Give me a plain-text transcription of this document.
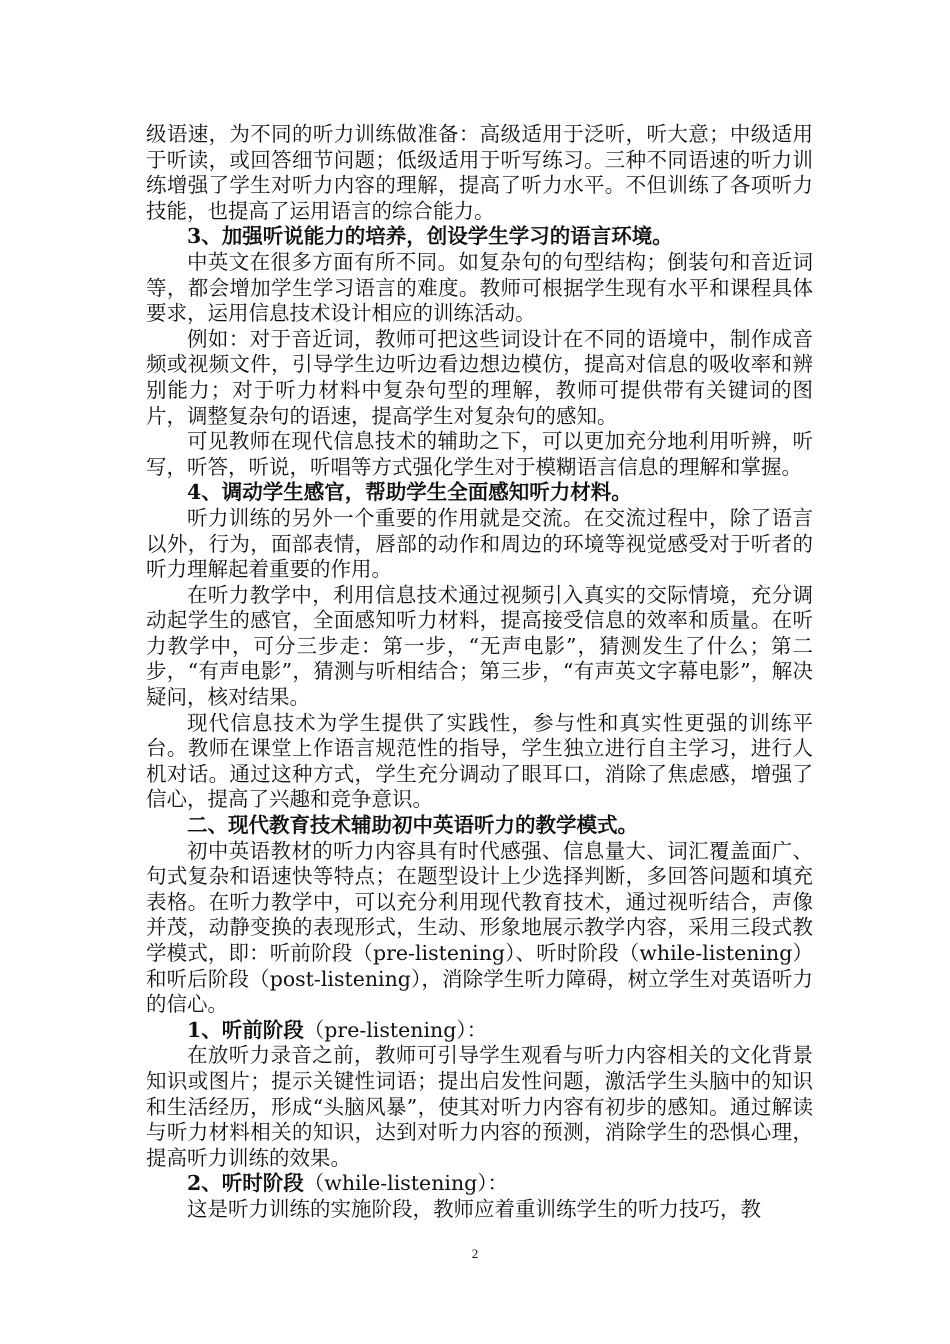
级语速，为不同的听力训练做准备：高级适用于泛听，听大意；中级适用于听读，或回答细节问题；低级适用于听写练习。三种不同语速的听力训练增强了学生对听力内容的理解，提高了听力水平。不但训练了各项听力技能，也提高了运用语言的综合能力。

3、加强听说能力的培养，创设学生学习的语言环境。

中英文在很多方面有所不同。如复杂句的句型结构；倒装句和音近词等，都会增加学生学习语言的难度。教师可根据学生现有水平和课程具体要求，运用信息技术设计相应的训练活动。

例如：对于音近词，教师可把这些词设计在不同的语境中，制作成音频或视频文件，引导学生边听边看边想边模仿，提高对信息的吸收率和辨别能力；对于听力材料中复杂句型的理解，教师可提供带有关键词的图片，调整复杂句的语速，提高学生对复杂句的感知。

可见教师在现代信息技术的辅助之下，可以更加充分地利用听辨，听写，听答，听说，听唱等方式强化学生对于模糊语言信息的理解和掌握。

4、调动学生感官，帮助学生全面感知听力材料。

听力训练的另外一个重要的作用就是交流。在交流过程中，除了语言以外，行为，面部表情，唇部的动作和周边的环境等视觉感受对于听者的听力理解起着重要的作用。

在听力教学中，利用信息技术通过视频引入真实的交际情境，充分调动起学生的感官，全面感知听力材料，提高接受信息的效率和质量。在听力教学中，可分三步走：第一步，“无声电影”，猜测发生了什么；第二步，“有声电影”，猜测与听相结合；第三步，“有声英文字幕电影”，解决疑问，核对结果。

现代信息技术为学生提供了实践性，参与性和真实性更强的训练平台。教师在课堂上作语言规范性的指导，学生独立进行自主学习，进行人机对话。通过这种方式，学生充分调动了眼耳口，消除了焦虑感，增强了信心，提高了兴趣和竞争意识。

二、现代教育技术辅助初中英语听力的教学模式。

初中英语教材的听力内容具有时代感强、信息量大、词汇覆盖面广、句式复杂和语速快等特点；在题型设计上少选择判断，多回答问题和填充表格。在听力教学中，可以充分利用现代教育技术，通过视听结合，声像并茂，动静变换的表现形式，生动、形象地展示教学内容，采用三段式教学模式，即：听前阶段（pre-listening）、听时阶段（while-listening）和听后阶段（post-listening），消除学生听力障碍，树立学生对英语听力的信心。

1、听前阶段（pre-listening）：

在放听力录音之前，教师可引导学生观看与听力内容相关的文化背景知识或图片；提示关键性词语；提出启发性问题，激活学生头脑中的知识和生活经历，形成“头脑风暴”，使其对听力内容有初步的感知。通过解读与听力材料相关的知识，达到对听力内容的预测，消除学生的恐惧心理，提高听力训练的效果。

2、听时阶段（while-listening）：

这是听力训练的实施阶段，教师应着重训练学生的听力技巧，教

2
